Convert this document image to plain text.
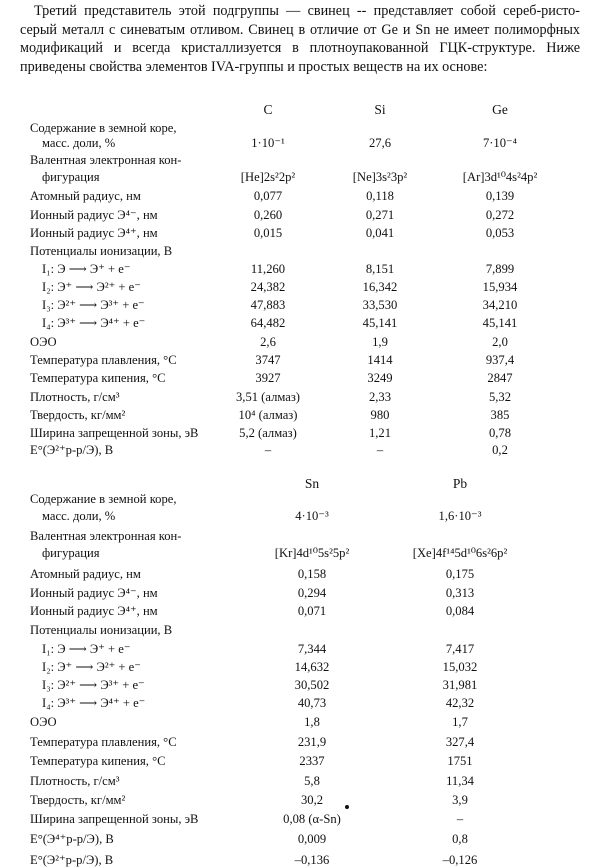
Третий представитель этой подгруппы — свинец -- представляет собой сереб-ристо-серый металл с синеватым отливом. Свинец в отличие от Ge и Sn не имеет полиморфных модификаций и всегда кристаллизуется в плотноупакованной ГЦК-структуре. Ниже приведены свойства элементов IVA-группы и простых веществ на их основе:
C	Si	Ge
Содержание в земной коре,
масс. доли, %	1·10⁻¹	27,6	7·10⁻⁴
Валентная электронная кон-
фигурация	[He]2s²2p²	[Ne]3s²3p²	[Ar]3d¹⁰4s²4p²
Атомный радиус, нм	0,077	0,118	0,139
Ионный радиус Э⁴⁻, нм	0,260	0,271	0,272
Ионный радиус Э⁴⁺, нм	0,015	0,041	0,053
Потенциалы ионизации, В
I₁: Э ⟶ Э⁺ + e⁻	11,260	8,151	7,899
I₂: Э⁺ ⟶ Э²⁺ + e⁻	24,382	16,342	15,934
I₃: Э²⁺ ⟶ Э³⁺ + e⁻	47,883	33,530	34,210
I₄: Э³⁺ ⟶ Э⁴⁺ + e⁻	64,482	45,141	45,141
ОЭО	2,6	1,9	2,0
Температура плавления, °C	3747	1414	937,4
Температура кипения, °C	3927	3249	2847
Плотность, г/см³	3,51 (алмаз)	2,33	5,32
Твердость, кг/мм²	10⁴ (алмаз)	980	385
Ширина запрещенной зоны, эВ	5,2 (алмаз)	1,21	0,78
E°(Э²⁺p-p/Э), В	–	–	0,2
Sn	Pb
Содержание в земной коре,
масс. доли, %	4·10⁻³	1,6·10⁻³
Валентная электронная кон-
фигурация	[Kr]4d¹⁰5s²5p²	[Xe]4f¹⁴5d¹⁰6s²6p²
Атомный радиус, нм	0,158	0,175
Ионный радиус Э⁴⁻, нм	0,294	0,313
Ионный радиус Э⁴⁺, нм	0,071	0,084
Потенциалы ионизации, В
I₁: Э ⟶ Э⁺ + e⁻	7,344	7,417
I₂: Э⁺ ⟶ Э²⁺ + e⁻	14,632	15,032
I₃: Э²⁺ ⟶ Э³⁺ + e⁻	30,502	31,981
I₄: Э³⁺ ⟶ Э⁴⁺ + e⁻	40,73	42,32
ОЭО	1,8	1,7
Температура плавления, °C	231,9	327,4
Температура кипения, °C	2337	1751
Плотность, г/см³	5,8	11,34
Твердость, кг/мм²	30,2	3,9
Ширина запрещенной зоны, эВ	0,08 (α-Sn)	–
E°(Э⁴⁺p-p/Э), В	0,009	0,8
E°(Э²⁺p-p/Э), В	–0,136	–0,126
